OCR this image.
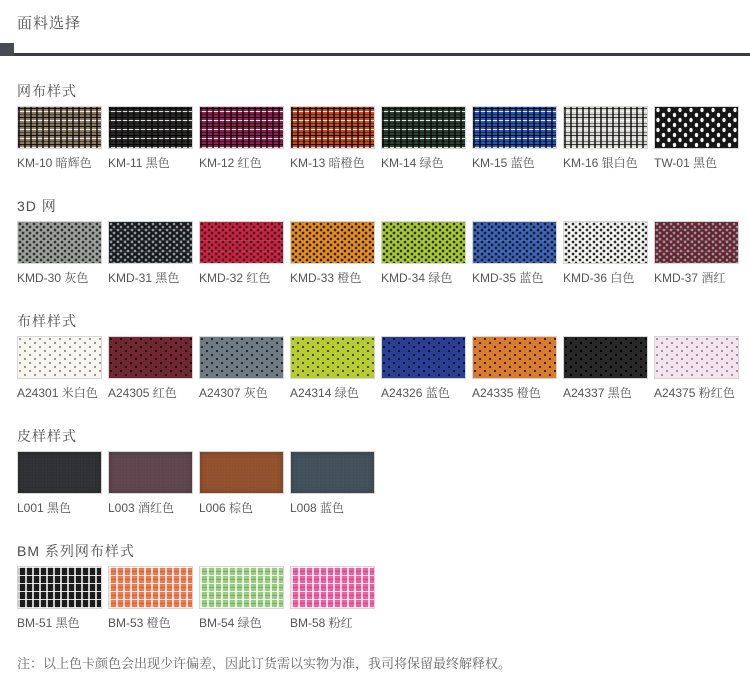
面料选择
网布样式
KM-10 暗辉色	KM-11 黑色	KM-12 红色	KM-13 暗橙色	KM-14 绿色	KM-15 蓝色	KM-16 银白色	TW-01 黑色
3D 网
KMD-30 灰色	KMD-31 黑色	KMD-32 红色	KMD-33 橙色	KMD-34 绿色	KMD-35 蓝色	KMD-36 白色	KMD-37 酒红
布样样式
A24301 米白色 A24305 红色	A24307 灰色	A24314 绿色	A24326 蓝色	A24335 橙色	A24337 黑色	A24375 粉红色
皮样样式
L001 黑色	L003 酒红色	L006 棕色	L008 蓝色
BM 系列网布样式
BM-51 黑色	BM-53 橙色	BM-54 绿色	BM-58 粉红

注：以上色卡颜色会出现少许偏差，因此订货需以实物为准，我司将保留最终解释权。
